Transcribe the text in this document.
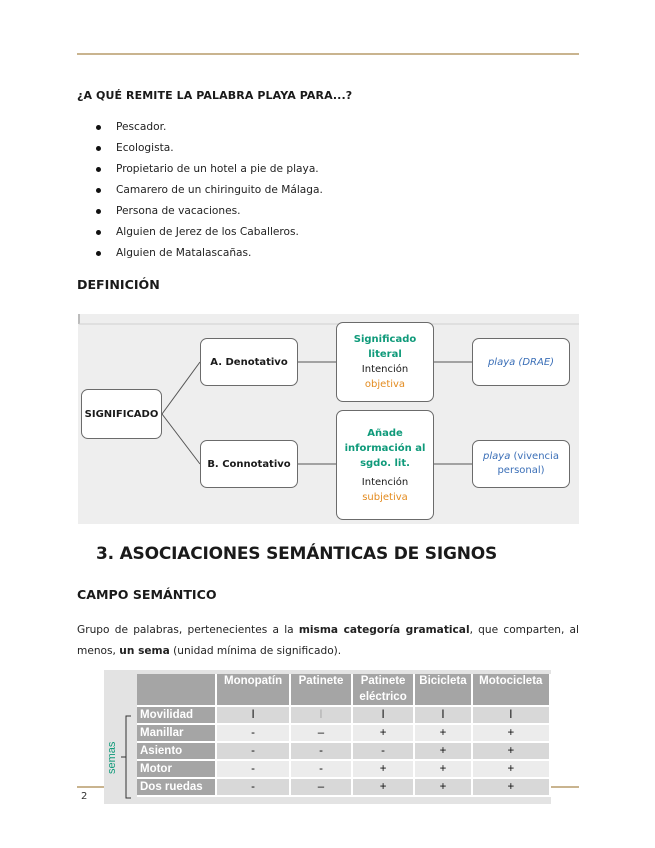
¿A QUÉ REMITE LA PALABRA PLAYA PARA...?
Pescador.
Ecologista.
Propietario de un hotel a pie de playa.
Camarero de un chiringuito de Málaga.
Persona de vacaciones.
Alguien de Jerez de los Caballeros.
Alguien de Matalascañas.
DEFINICIÓN
SIGNIFICADO
A. Denotativo
B. Connotativo
Significado literal
Intención
objetiva
Añade
información al
sgdo. lit.
Intención
subjetiva
playa (DRAE)
playa (vivencia
personal)
3. ASOCIACIONES SEMÁNTICAS DE SIGNOS
CAMPO SEMÁNTICO
Grupo de palabras, pertenecientes a la misma categoría gramatical, que comparten, al menos, un sema (unidad mínima de significado).
semas
	Monopatín	Patinete	Patinete eléctrico	Bicicleta	Motocicleta
Movilidad	I	I	I	I	I
Manillar	-	–	+	+	+
Asiento	-	-	-	+	+
Motor	-	-	+	+	+
Dos ruedas	-	–	+	+	+
2
